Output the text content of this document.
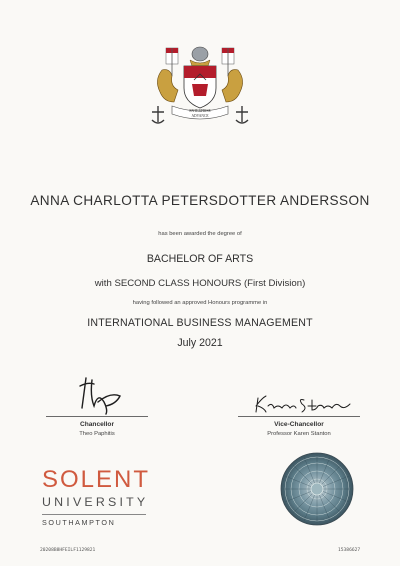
ENTERPRISE
ADVANCE
ANNA CHARLOTTA PETERSDOTTER ANDERSSON
has been awarded the degree of
BACHELOR OF ARTS
with SECOND CLASS HONOURS (First Division)
having followed an approved Honours programme in
INTERNATIONAL BUSINESS MANAGEMENT
July 2021
Chancellor
Theo Paphitis
Vice-Chancellor
Professor Karen Stanton
SOLENT
UNIVERSITY
SOUTHAMPTON
20208B8HFEILF1129821	15386627
